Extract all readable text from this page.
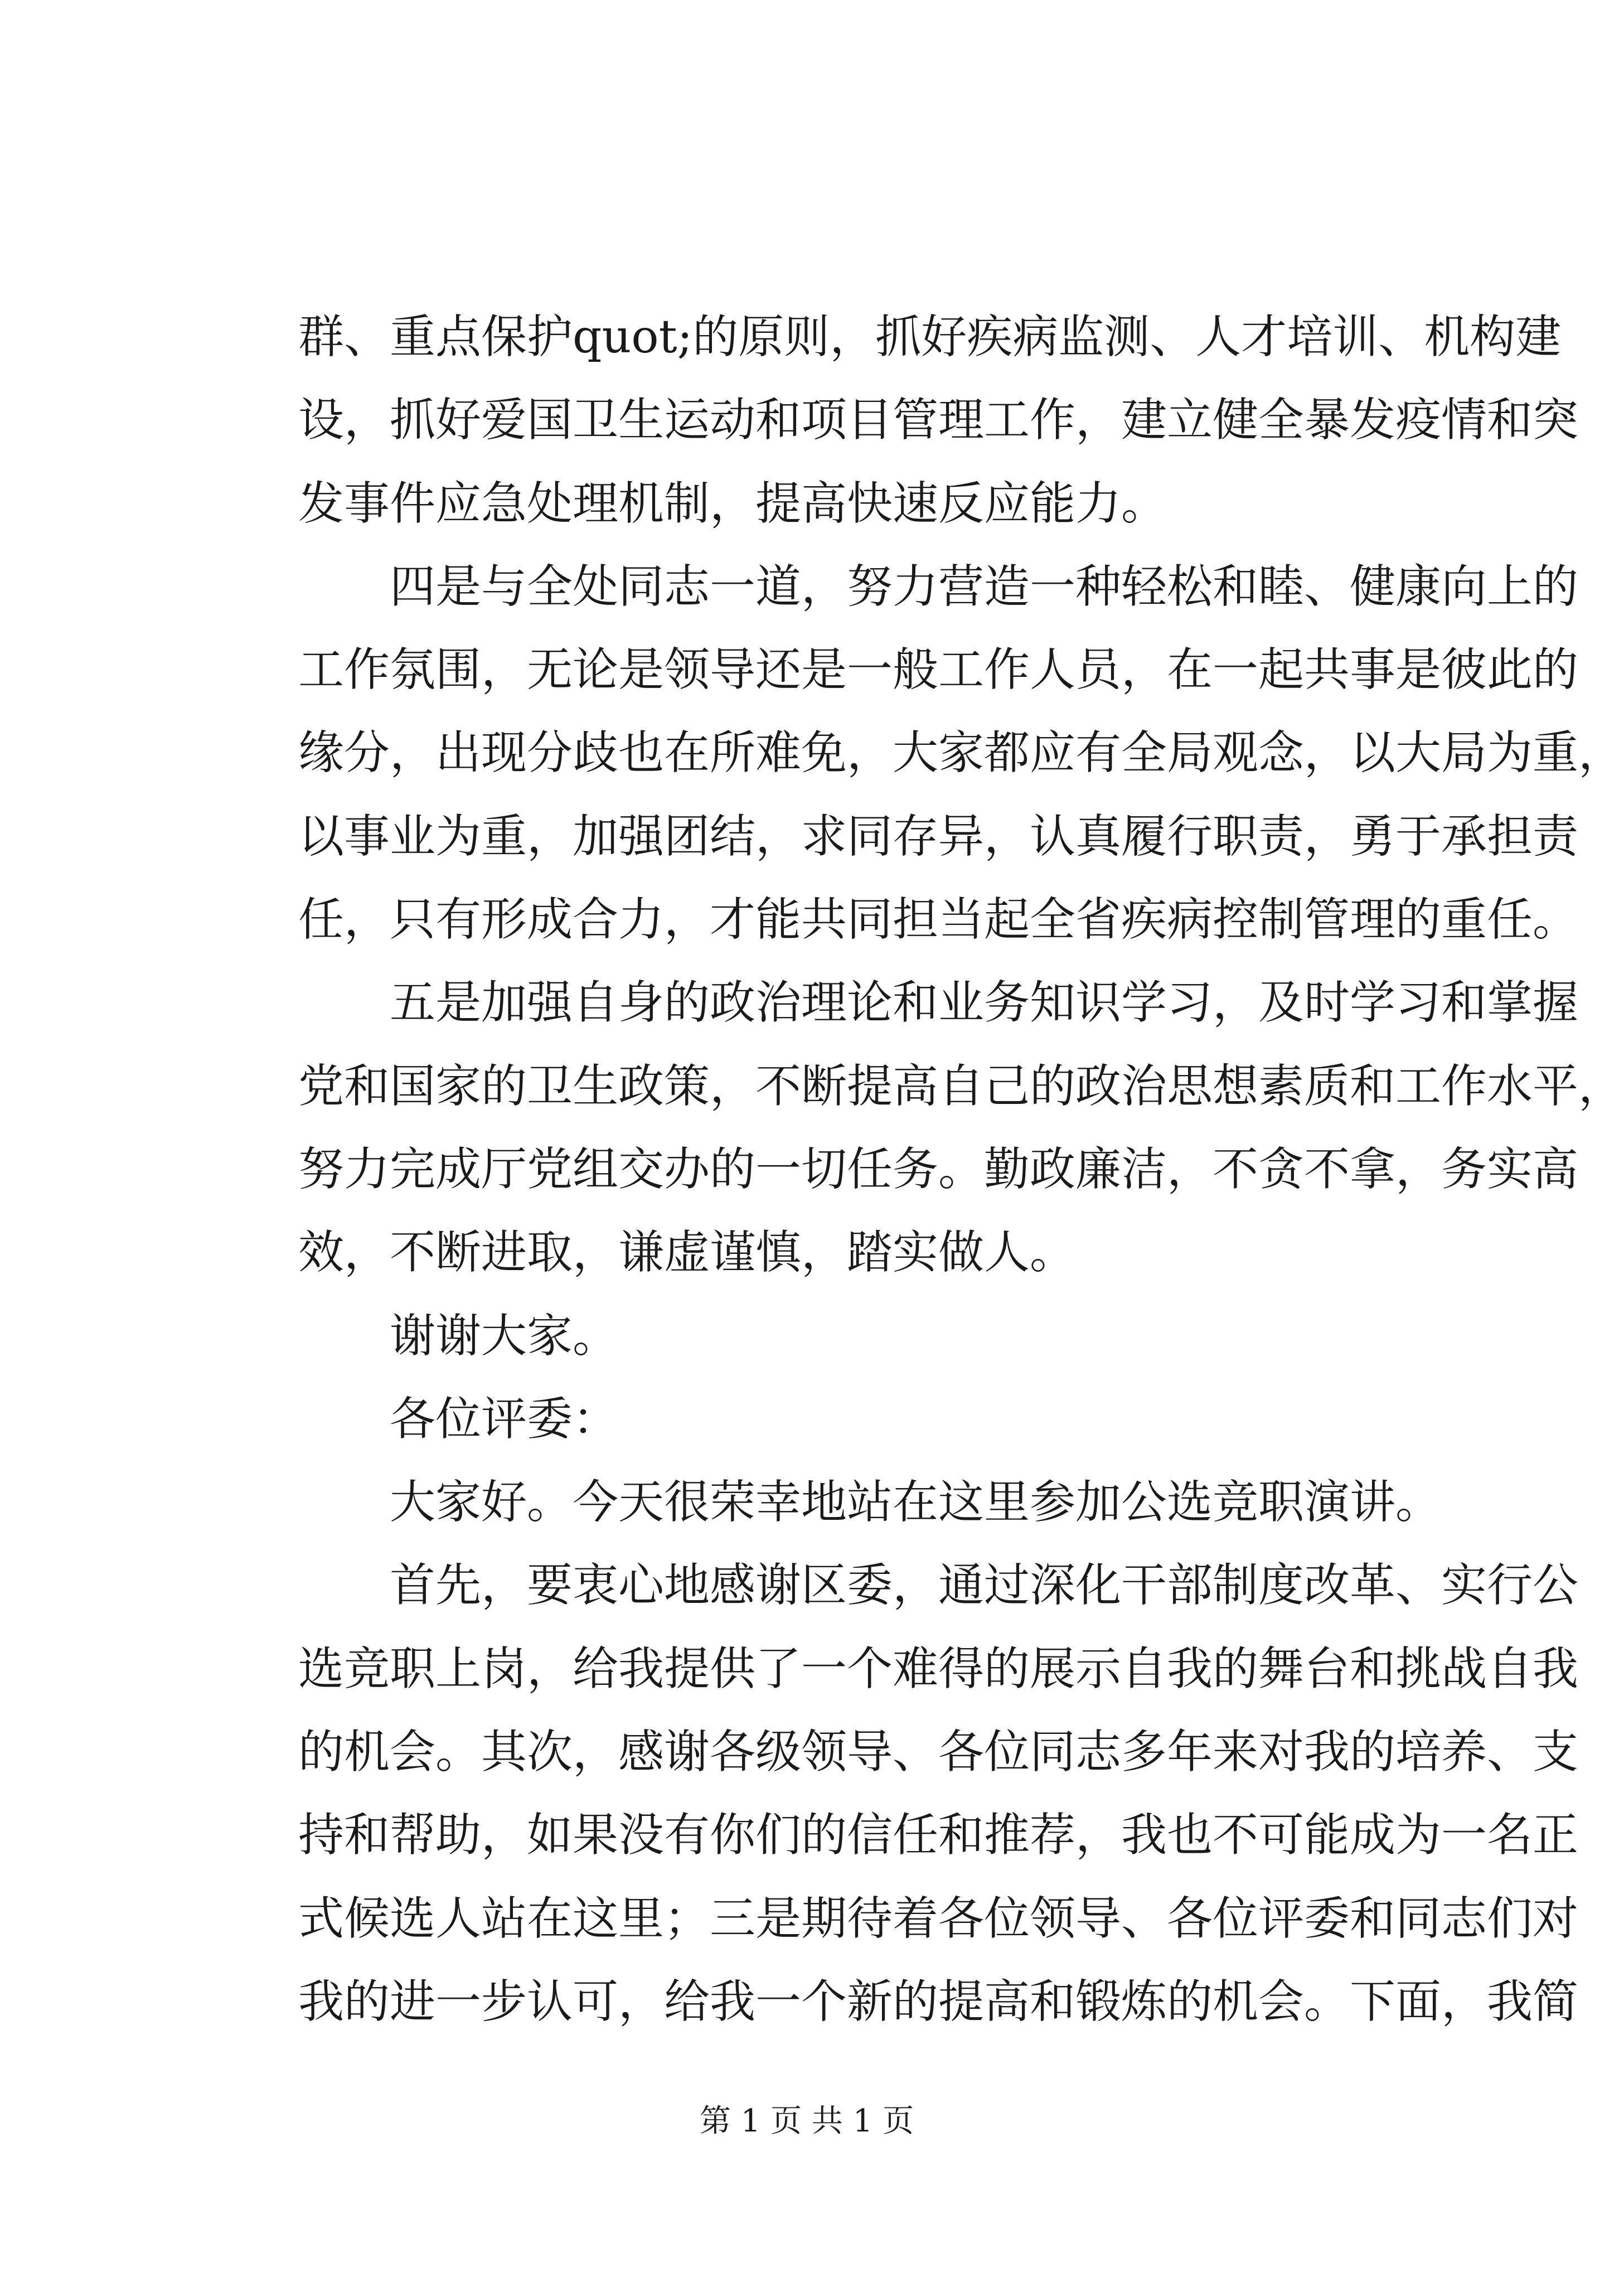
群、重点保护quot;的原则，抓好疾病监测、人才培训、机构建
设，抓好爱国卫生运动和项目管理工作，建立健全暴发疫情和突
发事件应急处理机制，提高快速反应能力。
四是与全处同志一道，努力营造一种轻松和睦、健康向上的
工作氛围，无论是领导还是一般工作人员，在一起共事是彼此的
缘分，出现分歧也在所难免，大家都应有全局观念，以大局为重，
以事业为重，加强团结，求同存异，认真履行职责，勇于承担责
任，只有形成合力，才能共同担当起全省疾病控制管理的重任。
五是加强自身的政治理论和业务知识学习，及时学习和掌握
党和国家的卫生政策，不断提高自己的政治思想素质和工作水平，
努力完成厅党组交办的一切任务。勤政廉洁，不贪不拿，务实高
效，不断进取，谦虚谨慎，踏实做人。
谢谢大家。
各位评委：
大家好。今天很荣幸地站在这里参加公选竞职演讲。
首先，要衷心地感谢区委，通过深化干部制度改革、实行公
选竞职上岗，给我提供了一个难得的展示自我的舞台和挑战自我
的机会。其次，感谢各级领导、各位同志多年来对我的培养、支
持和帮助，如果没有你们的信任和推荐，我也不可能成为一名正
式候选人站在这里；三是期待着各位领导、各位评委和同志们对
我的进一步认可，给我一个新的提高和锻炼的机会。下面，我简
第 1 页 共 1 页
